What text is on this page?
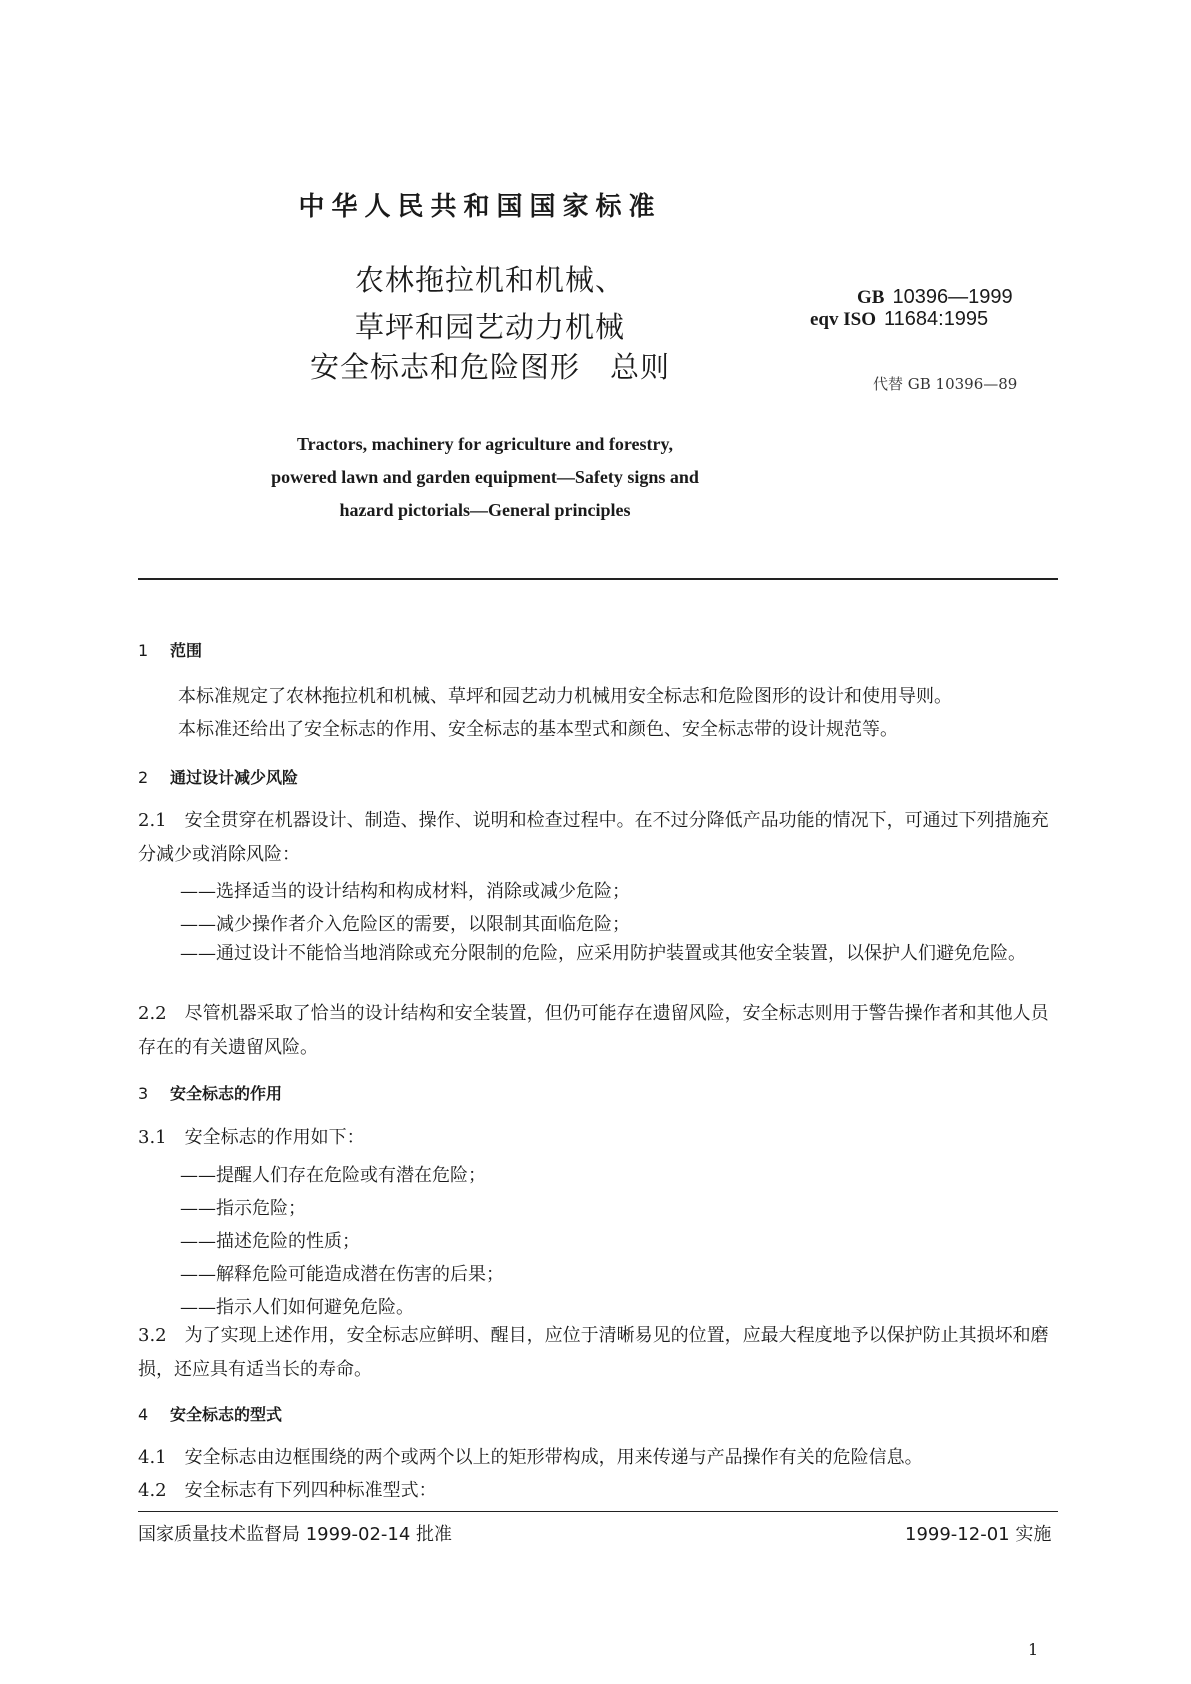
中华人民共和国国家标准
农林拖拉机和机械、
草坪和园艺动力机械
安全标志和危险图形　总则
GB 10396—1999
eqv ISO 11684:1995
代替 GB 10396—89
Tractors, machinery for agriculture and forestry,
powered lawn and garden equipment—Safety signs and
hazard pictorials—General principles
1 范围
本标准规定了农林拖拉机和机械、草坪和园艺动力机械用安全标志和危险图形的设计和使用导则。
本标准还给出了安全标志的作用、安全标志的基本型式和颜色、安全标志带的设计规范等。
2 通过设计减少风险
2.1　安全贯穿在机器设计、制造、操作、说明和检查过程中。在不过分降低产品功能的情况下，可通过下列措施充分减少或消除风险：
——选择适当的设计结构和构成材料，消除或减少危险；
——减少操作者介入危险区的需要，以限制其面临危险；
——通过设计不能恰当地消除或充分限制的危险，应采用防护装置或其他安全装置，以保护人们避免危险。
2.2　尽管机器采取了恰当的设计结构和安全装置，但仍可能存在遗留风险，安全标志则用于警告操作者和其他人员存在的有关遗留风险。
3 安全标志的作用
3.1　安全标志的作用如下：
——提醒人们存在危险或有潜在危险；
——指示危险；
——描述危险的性质；
——解释危险可能造成潜在伤害的后果；
——指示人们如何避免危险。
3.2　为了实现上述作用，安全标志应鲜明、醒目，应位于清晰易见的位置，应最大程度地予以保护防止其损坏和磨损，还应具有适当长的寿命。
4 安全标志的型式
4.1　安全标志由边框围绕的两个或两个以上的矩形带构成，用来传递与产品操作有关的危险信息。
4.2　安全标志有下列四种标准型式：
国家质量技术监督局 1999-02-14 批准	1999-12-01 实施
1
